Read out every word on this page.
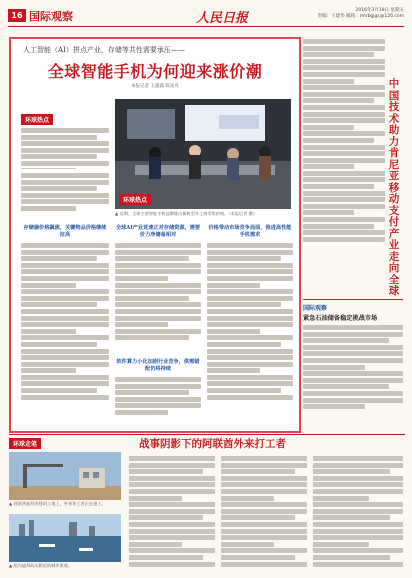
16 国际观察	人民日报
2016年3月18日 星期五
责编：王建华 邮箱：rmrbgjgc@126.com
人工智能（AI）拼点产业，存储等共性需要承压——
全球智能手机为何迎来涨价潮
本报记者 王露露 陈星舟
环球热点
环球热点
▲ 近期，全球主要智能手机品牌推出新机型并上调零售价格。（本报记者 摄）
存储器价格飙涨，关键物品价格继续拉高
全球AI产业竞速正对存储资源，需要价力净储备相对
软件算力小化加剧行业竞争，供需错配仍将持续
价格带动市场竞争局面，推进高性能手机需求
中国技术助力肯尼亚移动支付产业走向全球
国际观察
紧急石油储备稳定挑战市场
战事阴影下的阿联酋外来打工者
环球走笔
▲ 阿联酋迪拜的建筑工地上，外来务工者正在施工。
▲ 图为迪拜码头附近的城市景观。
